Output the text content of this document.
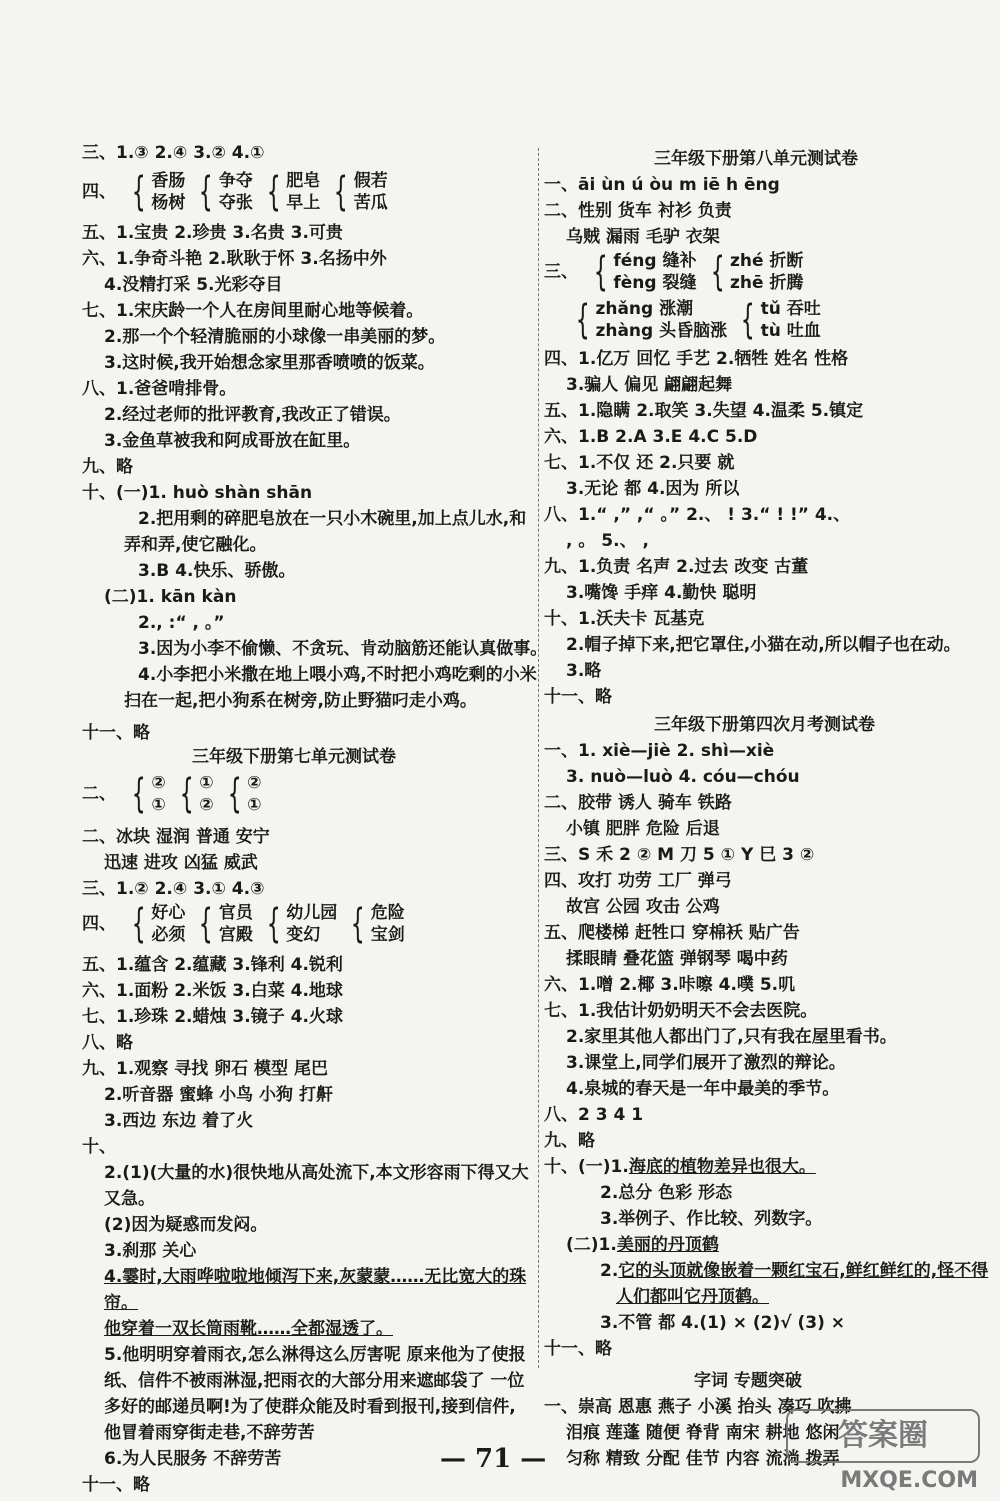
三、1.③ 2.④ 3.② 4.①
四、 { 香肠
杨树 { 争夺
夺张 { 肥皂
早上 { 假若
苦瓜
五、1.宝贵 2.珍贵 3.名贵 3.可贵
六、1.争奇斗艳 2.耿耿于怀 3.名扬中外
4.没精打采 5.光彩夺目
七、1.宋庆龄一个人在房间里耐心地等候着。
2.那一个个轻清脆丽的小球像一串美丽的梦。
3.这时候,我开始想念家里那香喷喷的饭菜。
八、1.爸爸啃排骨。
2.经过老师的批评教育,我改正了错误。
3.金鱼草被我和阿成哥放在缸里。
九、略
十、(一)1. huò shàn shān
2.把用剩的碎肥皂放在一只小木碗里,加上点儿水,和
弄和弄,使它融化。
3.B 4.快乐、骄傲。
(二)1. kān kàn
2., :“ , 。”
3.因为小李不偷懒、不贪玩、肯动脑筋还能认真做事。
4.小李把小米撒在地上喂小鸡,不时把小鸡吃剩的小米
扫在一起,把小狗系在树旁,防止野猫叼走小鸡。
十一、略
三年级下册第七单元测试卷
二、 { ②
① { ①
② { ②
①
二、冰块 湿润 普通 安宁
迅速 进攻 凶猛 威武
三、1.② 2.④ 3.① 4.③
四、 { 好心
必须 { 官员
宫殿 { 幼儿园
变幻 { 危险
宝剑
五、1.蕴含 2.蕴藏 3.锋利 4.锐利
六、1.面粉 2.米饭 3.白菜 4.地球
七、1.珍珠 2.蜡烛 3.镜子 4.火球
八、略
九、1.观察 寻找 卵石 模型 尾巴
2.听音器 蜜蜂 小鸟 小狗 打鼾
3.西边 东边 着了火
十、
2.(1)(大量的水)很快地从高处流下,本文形容雨下得又大
又急。
(2)因为疑惑而发闷。
3.刹那 关心
4.霎时,大雨哗啦啦地倾泻下来,灰蒙蒙……无比宽大的珠
帘。
他穿着一双长筒雨靴……全都湿透了。
5.他明明穿着雨衣,怎么淋得这么厉害呢 原来他为了使报
纸、信件不被雨淋湿,把雨衣的大部分用来遮邮袋了 一位
多好的邮递员啊!为了使群众能及时看到报刊,接到信件,
他冒着雨穿街走巷,不辞劳苦
6.为人民服务 不辞劳苦
十一、略
三年级下册第八单元测试卷
一、āi ùn ú òu m iē h ēng
二、性别 货车 衬衫 负责
乌贼 漏雨 毛驴 衣架
三、 { féng 缝补
fèng 裂缝 { zhé 折断
zhē 折腾
{ zhǎng 涨潮
zhàng 头昏脑涨 { tǔ 吞吐
tù 吐血
四、1.亿万 回忆 手艺 2.牺牲 姓名 性格
3.骗人 偏见 翩翩起舞
五、1.隐瞒 2.取笑 3.失望 4.温柔 5.镇定
六、1.B 2.A 3.E 4.C 5.D
七、1.不仅 还 2.只要 就
3.无论 都 4.因为 所以
八、1.“ ,” ,“ 。” 2.、 ! 3.“ ! !” 4.、
, 。 5.、 ,
九、1.负责 名声 2.过去 改变 古董
3.嘴馋 手痒 4.勤快 聪明
十、1.沃夫卡 瓦基克
2.帽子掉下来,把它罩住,小猫在动,所以帽子也在动。
3.略
十一、略
三年级下册第四次月考测试卷
一、1. xiè—jiè 2. shì—xiè
3. nuò—luò 4. cóu—chóu
二、胶带 诱人 骑车 铁路
小镇 肥胖 危险 后退
三、S 禾 2 ② M 刀 5 ① Y 巳 3 ②
四、攻打 功劳 工厂 弹弓
故宫 公园 攻击 公鸡
五、爬楼梯 赶牲口 穿棉袄 贴广告
揉眼睛 叠花篮 弹钢琴 喝中药
六、1.噌 2.椰 3.咔嚓 4.噗 5.叽
七、1.我估计奶奶明天不会去医院。
2.家里其他人都出门了,只有我在屋里看书。
3.课堂上,同学们展开了激烈的辩论。
4.泉城的春天是一年中最美的季节。
八、2 3 4 1
九、略
十、(一)1.海底的植物差异也很大。
2.总分 色彩 形态
3.举例子、作比较、列数字。
(二)1.美丽的丹顶鹤
2.它的头顶就像嵌着一颗红宝石,鲜红鲜红的,怪不得
人们都叫它丹顶鹤。
3.不管 都 4.(1) × (2)√ (3) ×
十一、略
字词 专题突破
一、崇高 恩惠 燕子 小溪 抬头 凑巧 吹拂
泪痕 莲蓬 随便 脊背 南宋 耕地 悠闲
匀称 精致 分配 佳节 内容 流淌 拨弄
— 71 —
答案圈
MXQE.COM
